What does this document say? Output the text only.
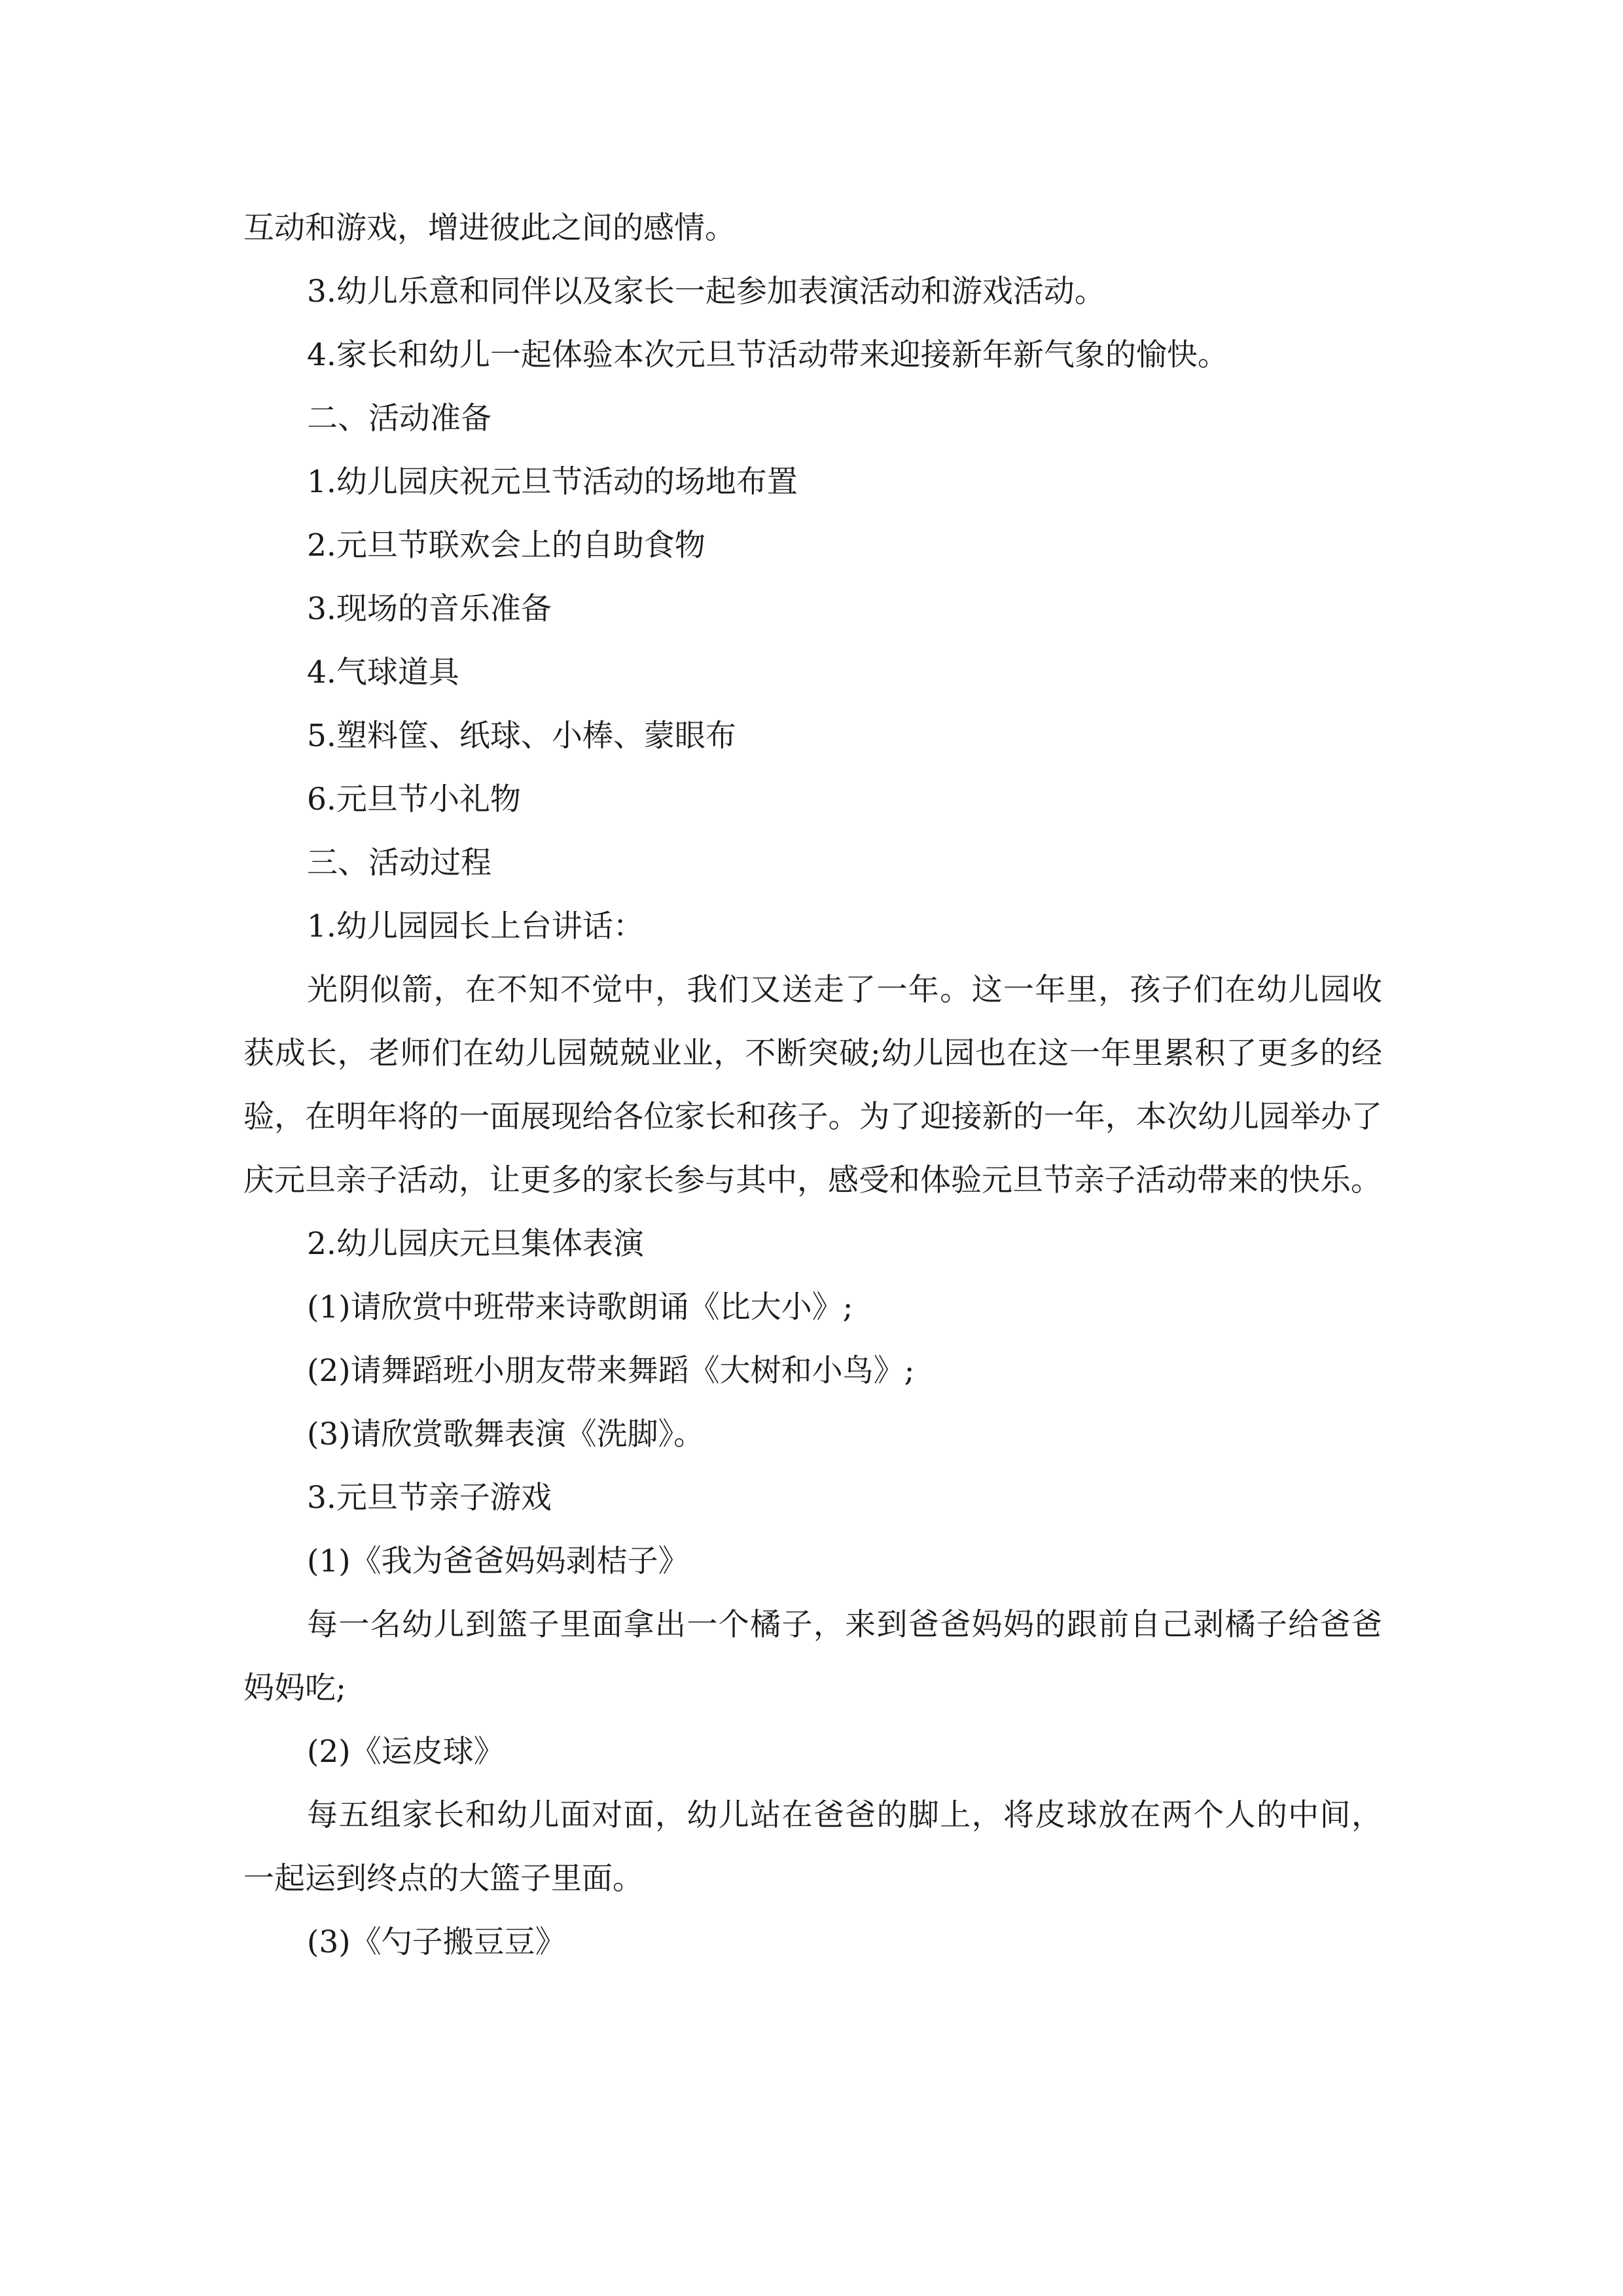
互动和游戏，增进彼此之间的感情。

3.幼儿乐意和同伴以及家长一起参加表演活动和游戏活动。

4.家长和幼儿一起体验本次元旦节活动带来迎接新年新气象的愉快。

二、活动准备

1.幼儿园庆祝元旦节活动的场地布置

2.元旦节联欢会上的自助食物

3.现场的音乐准备

4.气球道具

5.塑料筐、纸球、小棒、蒙眼布

6.元旦节小礼物

三、活动过程

1.幼儿园园长上台讲话：

光阴似箭，在不知不觉中，我们又送走了一年。这一年里，孩子们在幼儿园收获成长，老师们在幼儿园兢兢业业，不断突破;幼儿园也在这一年里累积了更多的经验，在明年将的一面展现给各位家长和孩子。为了迎接新的一年，本次幼儿园举办了庆元旦亲子活动，让更多的家长参与其中，感受和体验元旦节亲子活动带来的快乐。

2.幼儿园庆元旦集体表演

(1)请欣赏中班带来诗歌朗诵《比大小》;

(2)请舞蹈班小朋友带来舞蹈《大树和小鸟》;

(3)请欣赏歌舞表演《洗脚》。

3.元旦节亲子游戏

(1)《我为爸爸妈妈剥桔子》

每一名幼儿到篮子里面拿出一个橘子，来到爸爸妈妈的跟前自己剥橘子给爸爸妈妈吃;

(2)《运皮球》

每五组家长和幼儿面对面，幼儿站在爸爸的脚上，将皮球放在两个人的中间，一起运到终点的大篮子里面。

(3)《勺子搬豆豆》
